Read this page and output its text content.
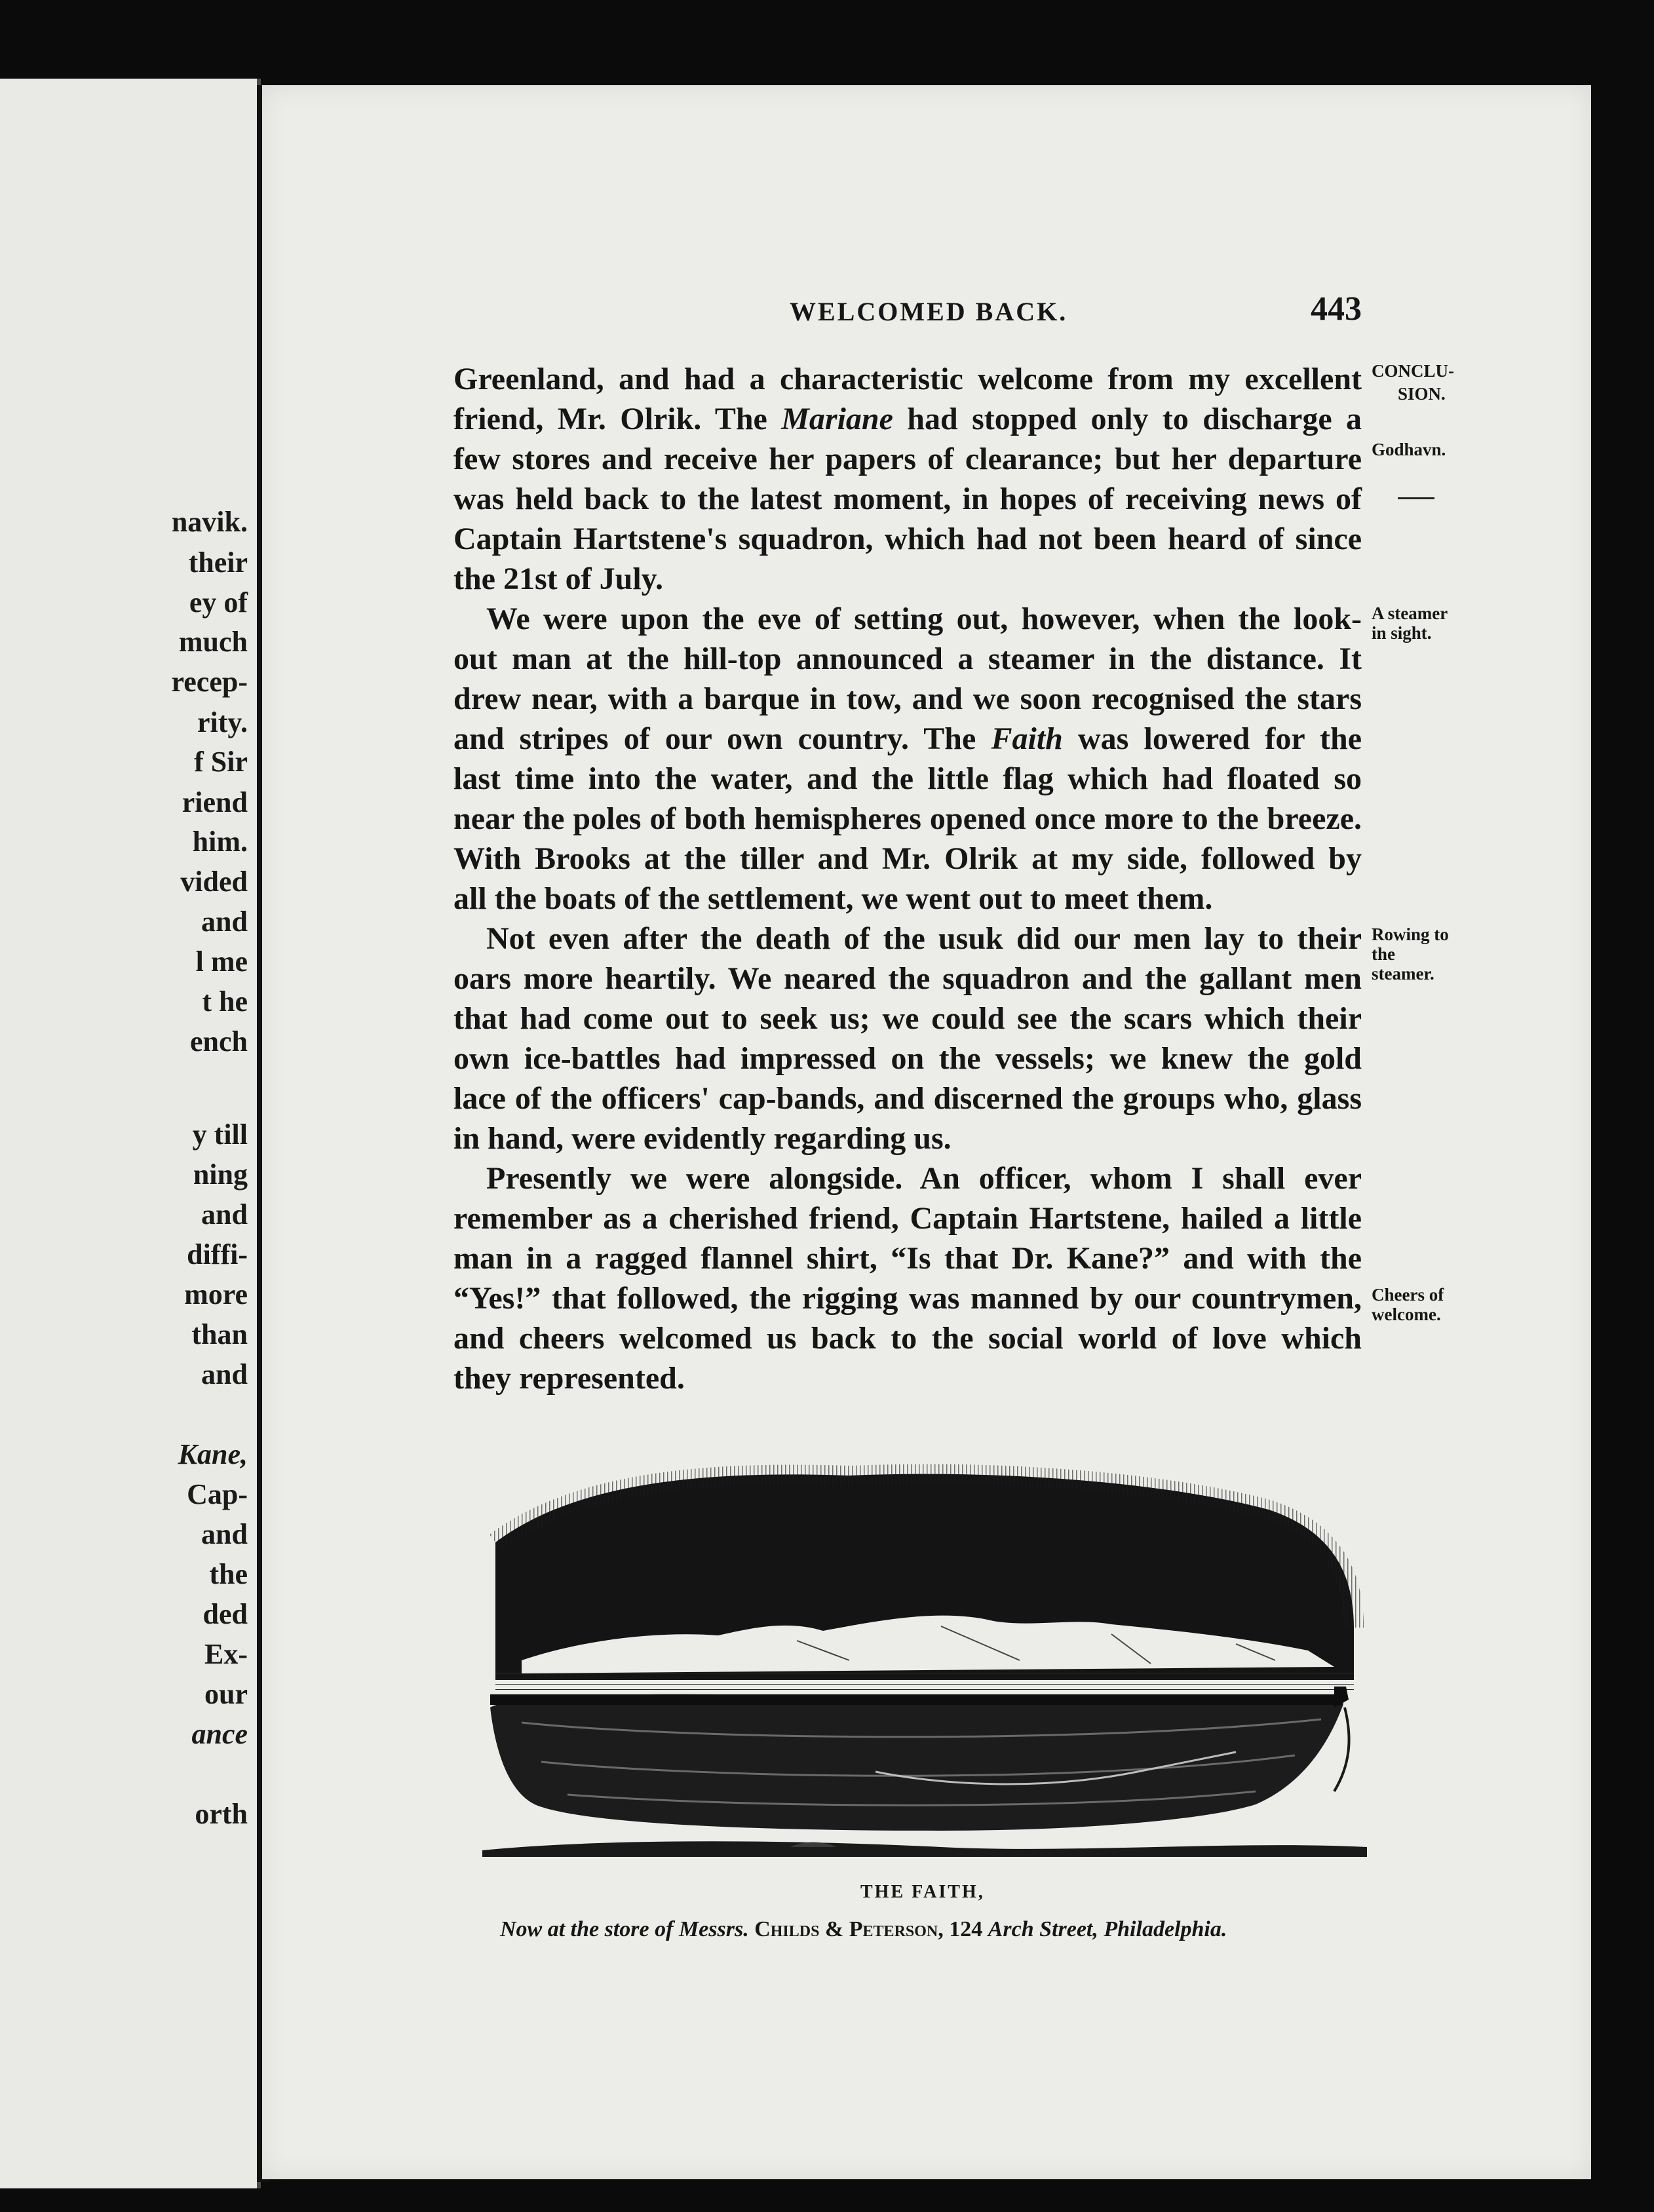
navik.
their
ey of
much
recep-
rity.
f Sir
riend
him.
vided
and
l me
t he
ench
y till
ning
and
diffi-
more
than
and
Kane,
Cap-
and
the
ded
Ex-
our
ance
orth
WELCOMED BACK.	443
Greenland, and had a characteristic welcome from my excellent
friend, Mr. Olrik. The Mariane had stopped only to discharge a
few stores and receive her papers of clearance; but her departure
was held back to the latest moment, in hopes of receiving news of
Captain Hartstene's squadron, which had not been heard of since
the 21st of July.
We were upon the eve of setting out, however, when the look-
out man at the hill-top announced a steamer in the distance. It
drew near, with a barque in tow, and we soon recognised the stars
and stripes of our own country. The Faith was lowered for the
last time into the water, and the little flag which had floated so
near the poles of both hemispheres opened once more to the breeze.
With Brooks at the tiller and Mr. Olrik at my side, followed by
all the boats of the settlement, we went out to meet them.
Not even after the death of the usuk did our men lay to their
oars more heartily. We neared the squadron and the gallant men
that had come out to seek us; we could see the scars which their
own ice-battles had impressed on the vessels; we knew the gold
lace of the officers' cap-bands, and discerned the groups who, glass
in hand, were evidently regarding us.
Presently we were alongside. An officer, whom I shall ever
remember as a cherished friend, Captain Hartstene, hailed a little
man in a ragged flannel shirt, “Is that Dr. Kane?” and with the
“Yes!” that followed, the rigging was manned by our countrymen,
and cheers welcomed us back to the social world of love which
they represented.
CONCLU-
SION.
Godhavn.
A steamer
in sight.
Rowing to
the
steamer.
Cheers of
welcome.
THE FAITH,
Now at the store of Messrs. Childs & Peterson, 124 Arch Street, Philadelphia.
